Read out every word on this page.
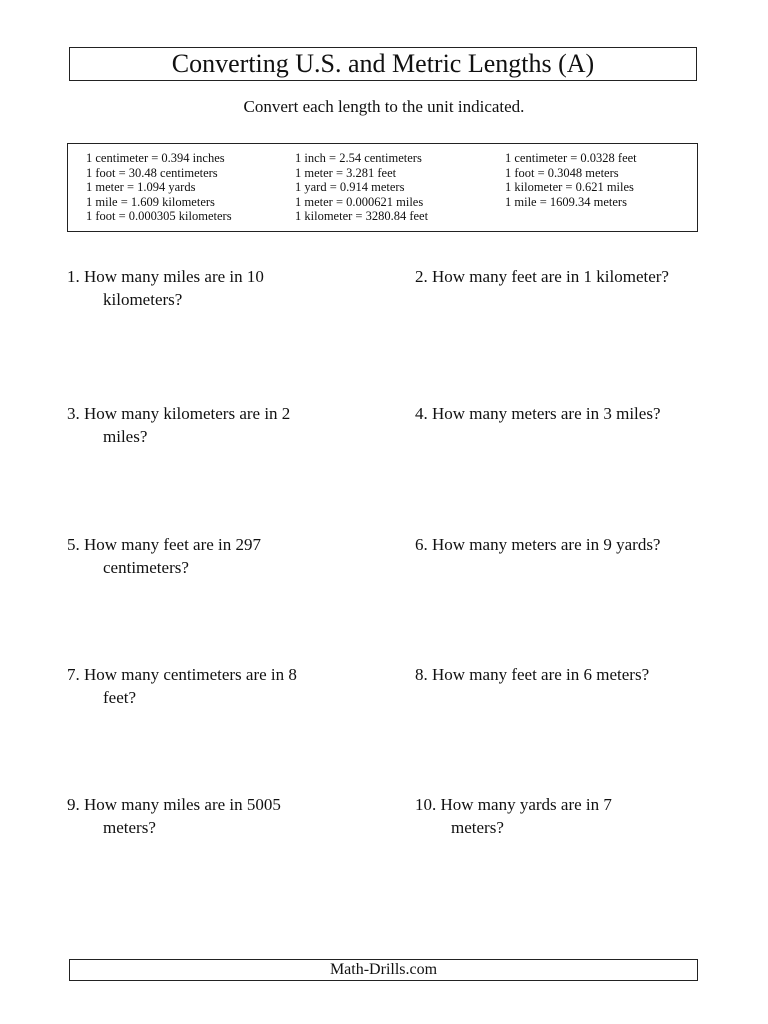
Converting U.S. and Metric Lengths (A)
Convert each length to the unit indicated.
1 centimeter = 0.394 inches
1 foot = 30.48 centimeters
1 meter = 1.094 yards
1 mile = 1.609 kilometers
1 foot = 0.000305 kilometers
1 inch = 2.54 centimeters
1 meter = 3.281 feet
1 yard = 0.914 meters
1 meter = 0.000621 miles
1 kilometer = 3280.84 feet
1 centimeter = 0.0328 feet
1 foot = 0.3048 meters
1 kilometer = 0.621 miles
1 mile = 1609.34 meters
1. How many miles are in 10
kilometers?
2. How many feet are in 1 kilometer?
3. How many kilometers are in 2
miles?
4. How many meters are in 3 miles?
5. How many feet are in 297
centimeters?
6. How many meters are in 9 yards?
7. How many centimeters are in 8
feet?
8. How many feet are in 6 meters?
9. How many miles are in 5005
meters?
10. How many yards are in 7
meters?
Math-Drills.com
